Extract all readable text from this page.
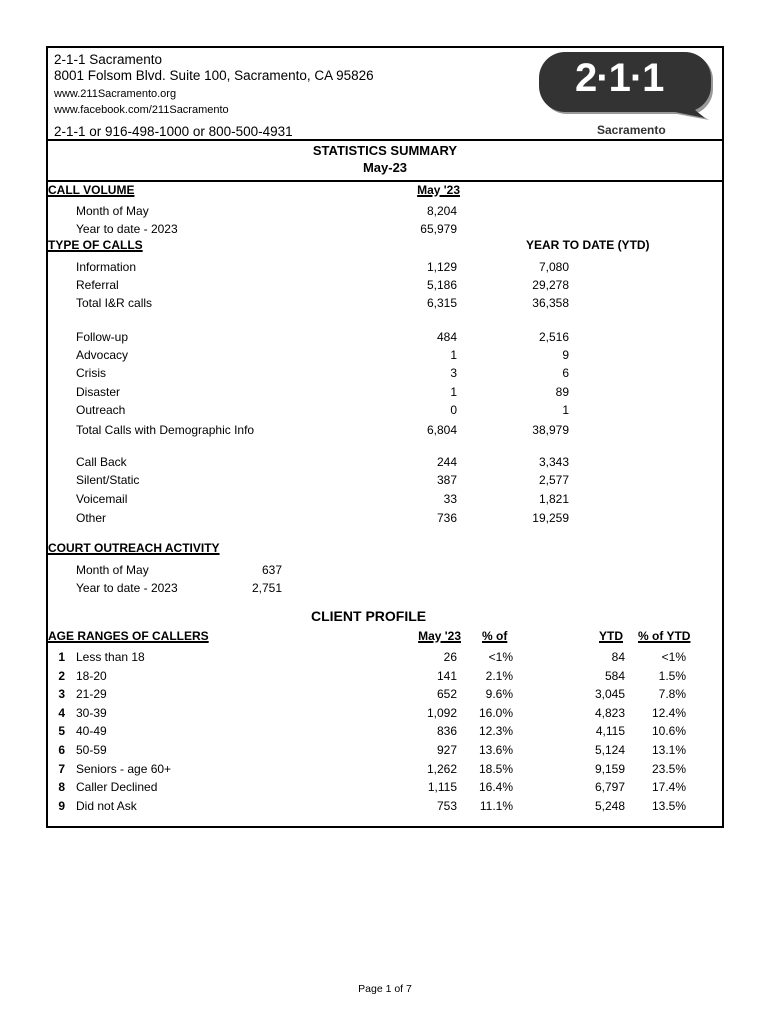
2-1-1 Sacramento
8001 Folsom Blvd. Suite 100, Sacramento, CA 95826
www.211Sacramento.org
www.facebook.com/211Sacramento
2-1-1 or 916-498-1000 or 800-500-4931
2·1·1
Sacramento
STATISTICS SUMMARY
May-23
CALL VOLUME	May '23
Month of May	8,204
Year to date - 2023	65,979
TYPE OF CALLS	YEAR TO DATE (YTD)
Information	1,129	7,080
Referral	5,186	29,278
Total I&R calls	6,315	36,358
Follow-up	484	2,516
Advocacy	1	9
Crisis	3	6
Disaster	1	89
Outreach	0	1
Total Calls with Demographic Info	6,804	38,979
Call Back	244	3,343
Silent/Static	387	2,577
Voicemail	33	1,821
Other	736	19,259
COURT OUTREACH ACTIVITY
Month of May	637
Year to date - 2023	2,751
CLIENT PROFILE
AGE RANGES OF CALLERS	May '23 % of	YTD % of YTD
1 Less than 18	26	<1%	84	<1%
2 18-20	141	2.1%	584	1.5%
3 21-29	652	9.6%	3,045	7.8%
4 30-39	1,092	16.0%	4,823	12.4%
5 40-49	836	12.3%	4,115	10.6%
6 50-59	927	13.6%	5,124	13.1%
7 Seniors - age 60+	1,262	18.5%	9,159	23.5%
8 Caller Declined	1,115	16.4%	6,797	17.4%
9 Did not Ask	753	11.1%	5,248	13.5%
Page 1 of 7
